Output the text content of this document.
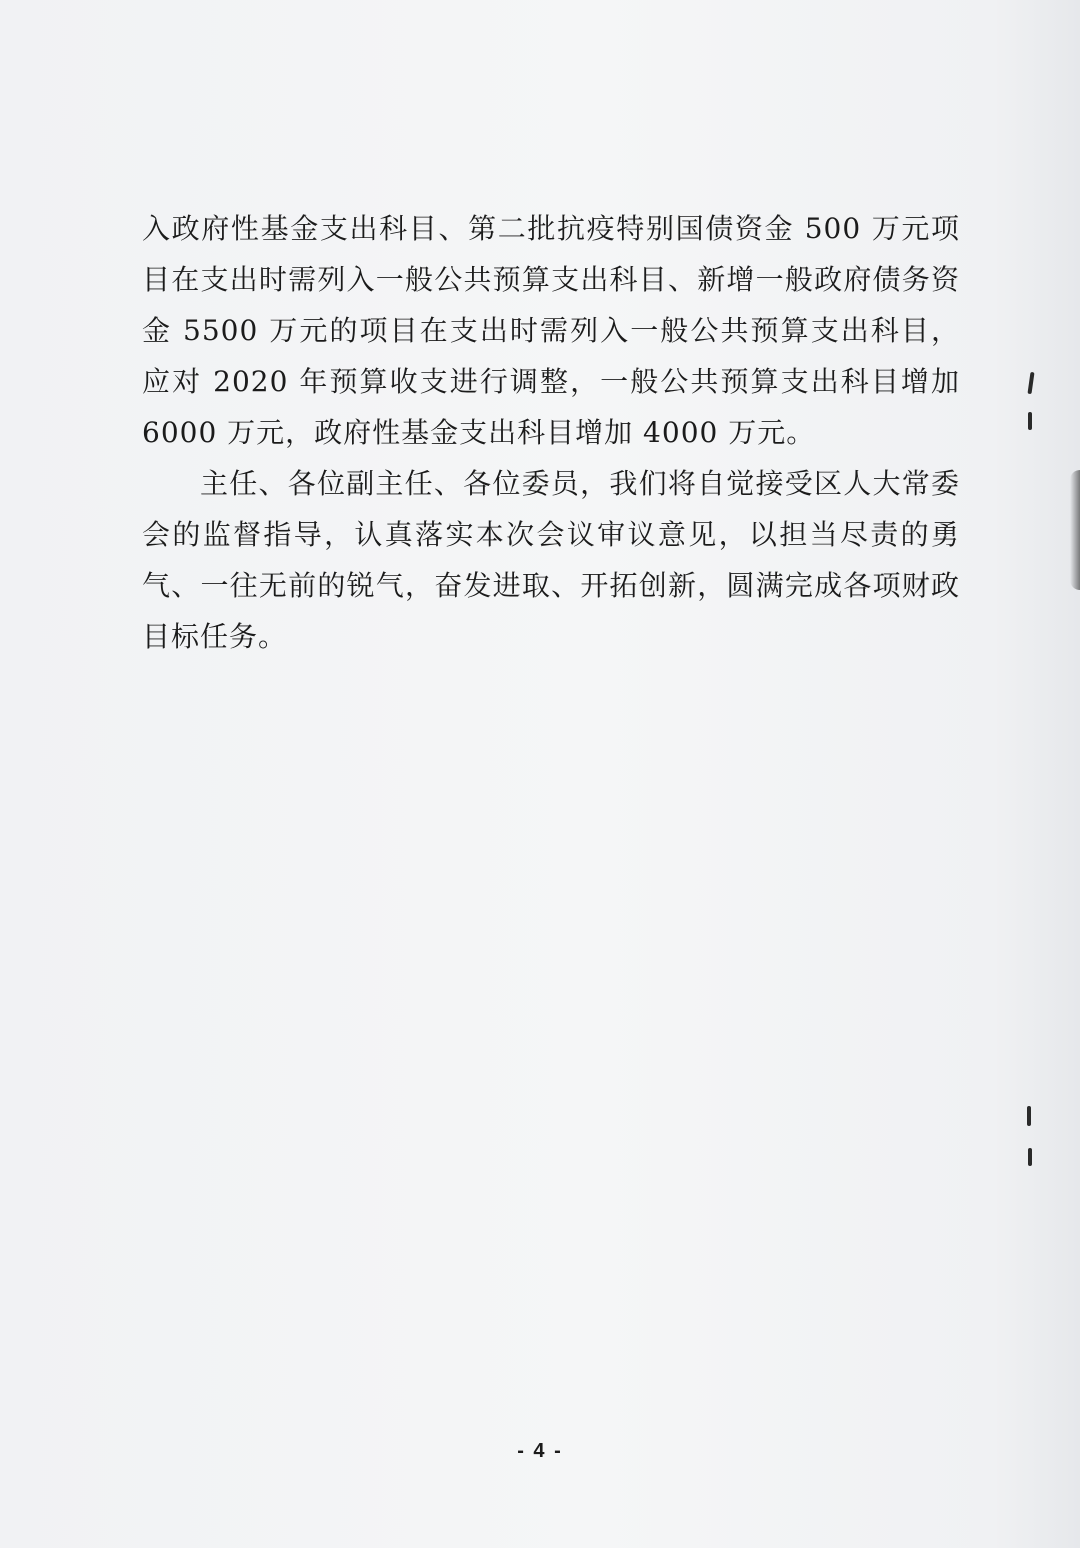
入政府性基金支出科目、第二批抗疫特别国债资金 500 万元项目在支出时需列入一般公共预算支出科目、新增一般政府债务资金 5500 万元的项目在支出时需列入一般公共预算支出科目，应对 2020 年预算收支进行调整，一般公共预算支出科目增加 6000 万元，政府性基金支出科目增加 4000 万元。

主任、各位副主任、各位委员，我们将自觉接受区人大常委会的监督指导，认真落实本次会议审议意见，以担当尽责的勇气、一往无前的锐气，奋发进取、开拓创新，圆满完成各项财政目标任务。

- 4 -
